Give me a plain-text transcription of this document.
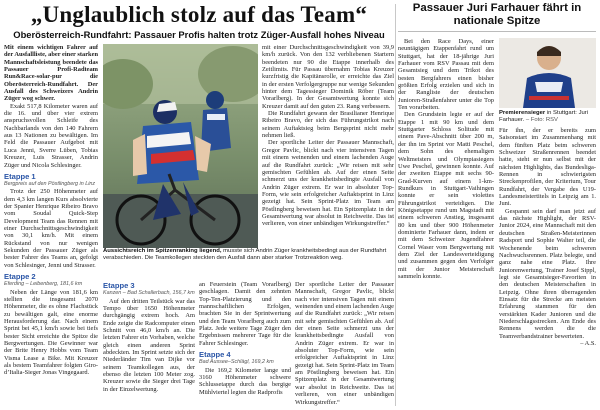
„Unglaublich stolz auf das Team“
Oberösterreich-Rundfahrt: Passauer Profis halten trotz Züger-Ausfall hohes Niveau

Mit einem wichtigen Fahrer auf der Ausfallliste, aber einer starken Mannschaftsleistung beendete das Passauer Profi-Radteam Run&Race-solar-pur die Oberösterreich-Rundfahrt. Der Ausfall des Schweizers Andrin Züger wog schwer.

Exakt 517,8 Kilometer waren auf die 16. und über vier extrem anspruchsvollen Schleife des Nachbarlands von den 140 Fahrern aus 13 Nationen zu bewältigen. Im Feld die Passauer Aufgebot mit Luca Jenni, Sverre Lüben, Tobias Kreuzer, Luis Strasser, Andrin Züger und Nicola Schlesinger.

Etappe 1
Bergpreis auf den Pöstlingberg in Linz

Trotz der 250 Höhenmeter auf dem 4,3 km langen Kurs absolvierte der Spanier Henrique Ribeiro Bravo vom Soudal Quick-Step Development Team das Rennen mit einer Durchschnittsgeschwindigkeit von 30,1 km/h. Mit einem Rückstand von nur wenigen Sekunden der Passauer Züger als bester Fahrer des Teams an, gefolgt von Schlesinger, Jenni und Strasser.

Etappe 2
Eferding – Leibenberg, 181,6 km

Neben der Länge von 181,6 km stellten die insgesamt 2070 Höhenmeter, die es ohne Flachstück zu bewältigen galt, eine enorme Herausforderung dar. Nach einem Sprint bei 45,1 km/h sowie bei tiefs bester Sicht erreichte die Spitze die Bergwertungen. Die Gewinner war der Brite Henry Hobbs vom Team Visma Lease a Bike. Mit Kreuzer als bestem Teamfahrer folgten Giro-d’Italia-Sieger Jonas Vingegaard.

Aussichtsreich im Spitzenranking liegend, musste sich Andrin Züger krankheitsbedingt aus der Rundfahrt verabschieden. Die Teamkollegen steckten den Ausfall dann aber starker Trotzreaktion weg.

mit einer Durchschnittsgeschwindigkeit von 39,9 km/h zurück. Von den 132 verbliebenen Startern beendeten nur 90 die Etappe innerhalb des Zeitlimits. Für Passau übernahm Tobias Kreuzer kurzfristig die Kapitänsrolle, er erreichte das Ziel in der ersten Verfolgergruppe nur wenige Sekunden hinter dem Tagessieger Dominik Röber (Team Vorarlberg). In der Gesamtwertung konnte sich Kreuzer damit auf den guten 23. Rang verbessern.

Die Rundfahrt gewann der Brasilianer Henrique Ribeiro Bravo, der sich das Führungstrikot nach seinem Auftaktsieg beim Bergsprint nicht mehr nehmen ließ.

Der sportliche Leiter der Passauer Mannschaft, Gregor Pavlic, blickt nach vier intensiven Tagen mit einem weinenden und einem lachenden Auge auf die Rundfahrt zurück: „Wir reisen mit sehr gemischten Gefühlen ab. Auf der einen Seite schmerzt uns der krankheitsbedingte Ausfall von Andrin Züger extrem. Er war in absoluter Top-Form, wie sein erfolgreicher Auftaktsprint in Linz gezeigt hat. Sein Sprint-Platz im Team am Pöstlingberg beweisen hat. Ein Spitzenplatz in der Gesamtwertung war absolut in Reichweite. Das ist verlieren, von einer unbändigen Wirkungstreffer.“

Etappe 3
Kanzen – Bad Schallerbach, 156,7 km

Auf den dritten Teilstück war das Tempo über 1650 Höhenmeter durchgängig extrem hoch. Am Ende zeigte die Radcomputer einen Schnitt von 46,0 km/h an. Die letzten Fahrer ein Vorhaben, welche gleich einen anderen Sprint abdeckten. Im Sprint setzte sich der Niederländer Tim van Dijke vor seinem Teamkollegen aus, der ebenso die letzten 100 Meter zog. Kreuzer sowie die Sieger drei Tage in der Einzelwertung.

an Feuerstein (Team Vorarlberg) geschlagen. Damit den zehnten Top-Ten-Platzierung und den mannschaftlichen Erfolgen, brachten Sie in der Sprintwertung und den Team Vorarlberg auch zum Platz. Jede weitere Tage Züger den Ergebnissen mehrerer Tage für die Fahrer Schlesinger.

Etappe 4
Bad Aussee–Schlägl, 169,2 km

Die 169,2 Kilometer lange und 3160 Höhenmeter schwere Schlussetappe durch das bergige Mühlviertel legten die Radprofis

Der sportliche Leiter der Passauer Mannschaft, Gregor Pavlic, blickt nach vier intensiven Tagen mit einem weinenden und einem lachenden Auge auf die Rundfahrt zurück: „Wir reisen mit sehr gemischten Gefühlen ab. Auf der einen Seite schmerzt uns der krankheitsbedingte Ausfall von Andrin Züger extrem. Er war in absoluter Top-Form, wie sein erfolgreicher Auftaktsprint in Linz gezeigt hat. Sein Sprint-Platz im Team am Pöstlingberg beweisen hat. Ein Spitzenplatz in der Gesamtwertung war absolut in Reichweite. Das ist verlieren, von einer unbändigen Wirkungstreffer.“

Passauer Juri Farhauer fährt in nationale Spitze

Bei den Race Days, einer neuntägigen Etappenfahrt rund um Stuttgart, hat der 18-jährige Juri Farhauer vom RSV Passau mit dem Gesamtsieg und dem Trikot des besten Bergfahrers einen bisher größten Erfolg erzielen und sich in der Rangliste der deutschen Junioren-Straßenfahrer unter die Top Ten vorarbeiten.

Den Grundstein legte er auf der Etappe 1 mit 90 km und dem Stuttgarter Schloss Solitude mit einem Pave-Abschnitt über 200 m, der ihn im Sprint vor Matti Peschel, dem Sohn des ehemaligen Weltmeisters und Olympiasiegers Uwe Peschel, gewinnen konnte. Auf der zweiten Etappe mit sechs 90-Grad-Kurven auf einem 1-km-Rundkurs in Stuttgart-Vaihingen konnte er sein violettes Führungstrikot verteidigen. Die Königsetappe rund um Magstadt mit einem schweren Anstieg, insgesamt 80 km und über 900 Höhenmeter dominierte Farhauer dann, indem er mit dem Schweizer Jugendfahrer Cornel Waser vom Bergwertung mit dem Ziel der Landesverteidigung und zusammen gegen den Verfolger mit der Junior Meisterschaft sammeln konnte.

Premierensieger in Stuttgart: Juri Farhauer. – Foto: RSV

Für ihn, der er bereits zum Saisonstart im Zusammenhang mit dem fünften Platz beim schweren Schweizer Straßenrennen beendet hatte, steht er nun selbst mit der nächsten Highlights, das Bundesliga-Rennen in schwierigsten Streckenprofilen, der Kriterium, Tour Rundfahrt, der Vergabe des U19-Landesmeistertitels in Leipzig am 1. Juni.

Gespannt sein darf man jetzt auf das nächste Highlight, der RSV-Junior 2024, eine Mannschaft mit den deutschen Straßen-Meisterinnen Radsport und Sophie Walter teil, die Wochenende beim schweren Nachwuchsrennen. Platz belegte, und ganz nahe eine Platz. Ihre Juniorenwertung, Trainer Josef Sippl, legt sie Gesamtsieger-Favoriten in den deutschen Meisterschaften in Leipzig. Ohne ihren überragenden Einsatz für die Strecke am meisten Erfahrung stammen für den verstärkten Kader Junioren und die Niederschlagsstrecken. Am Ende des Rennens werden die die Teamverbandstrainer bewerteten.

– A.S.
